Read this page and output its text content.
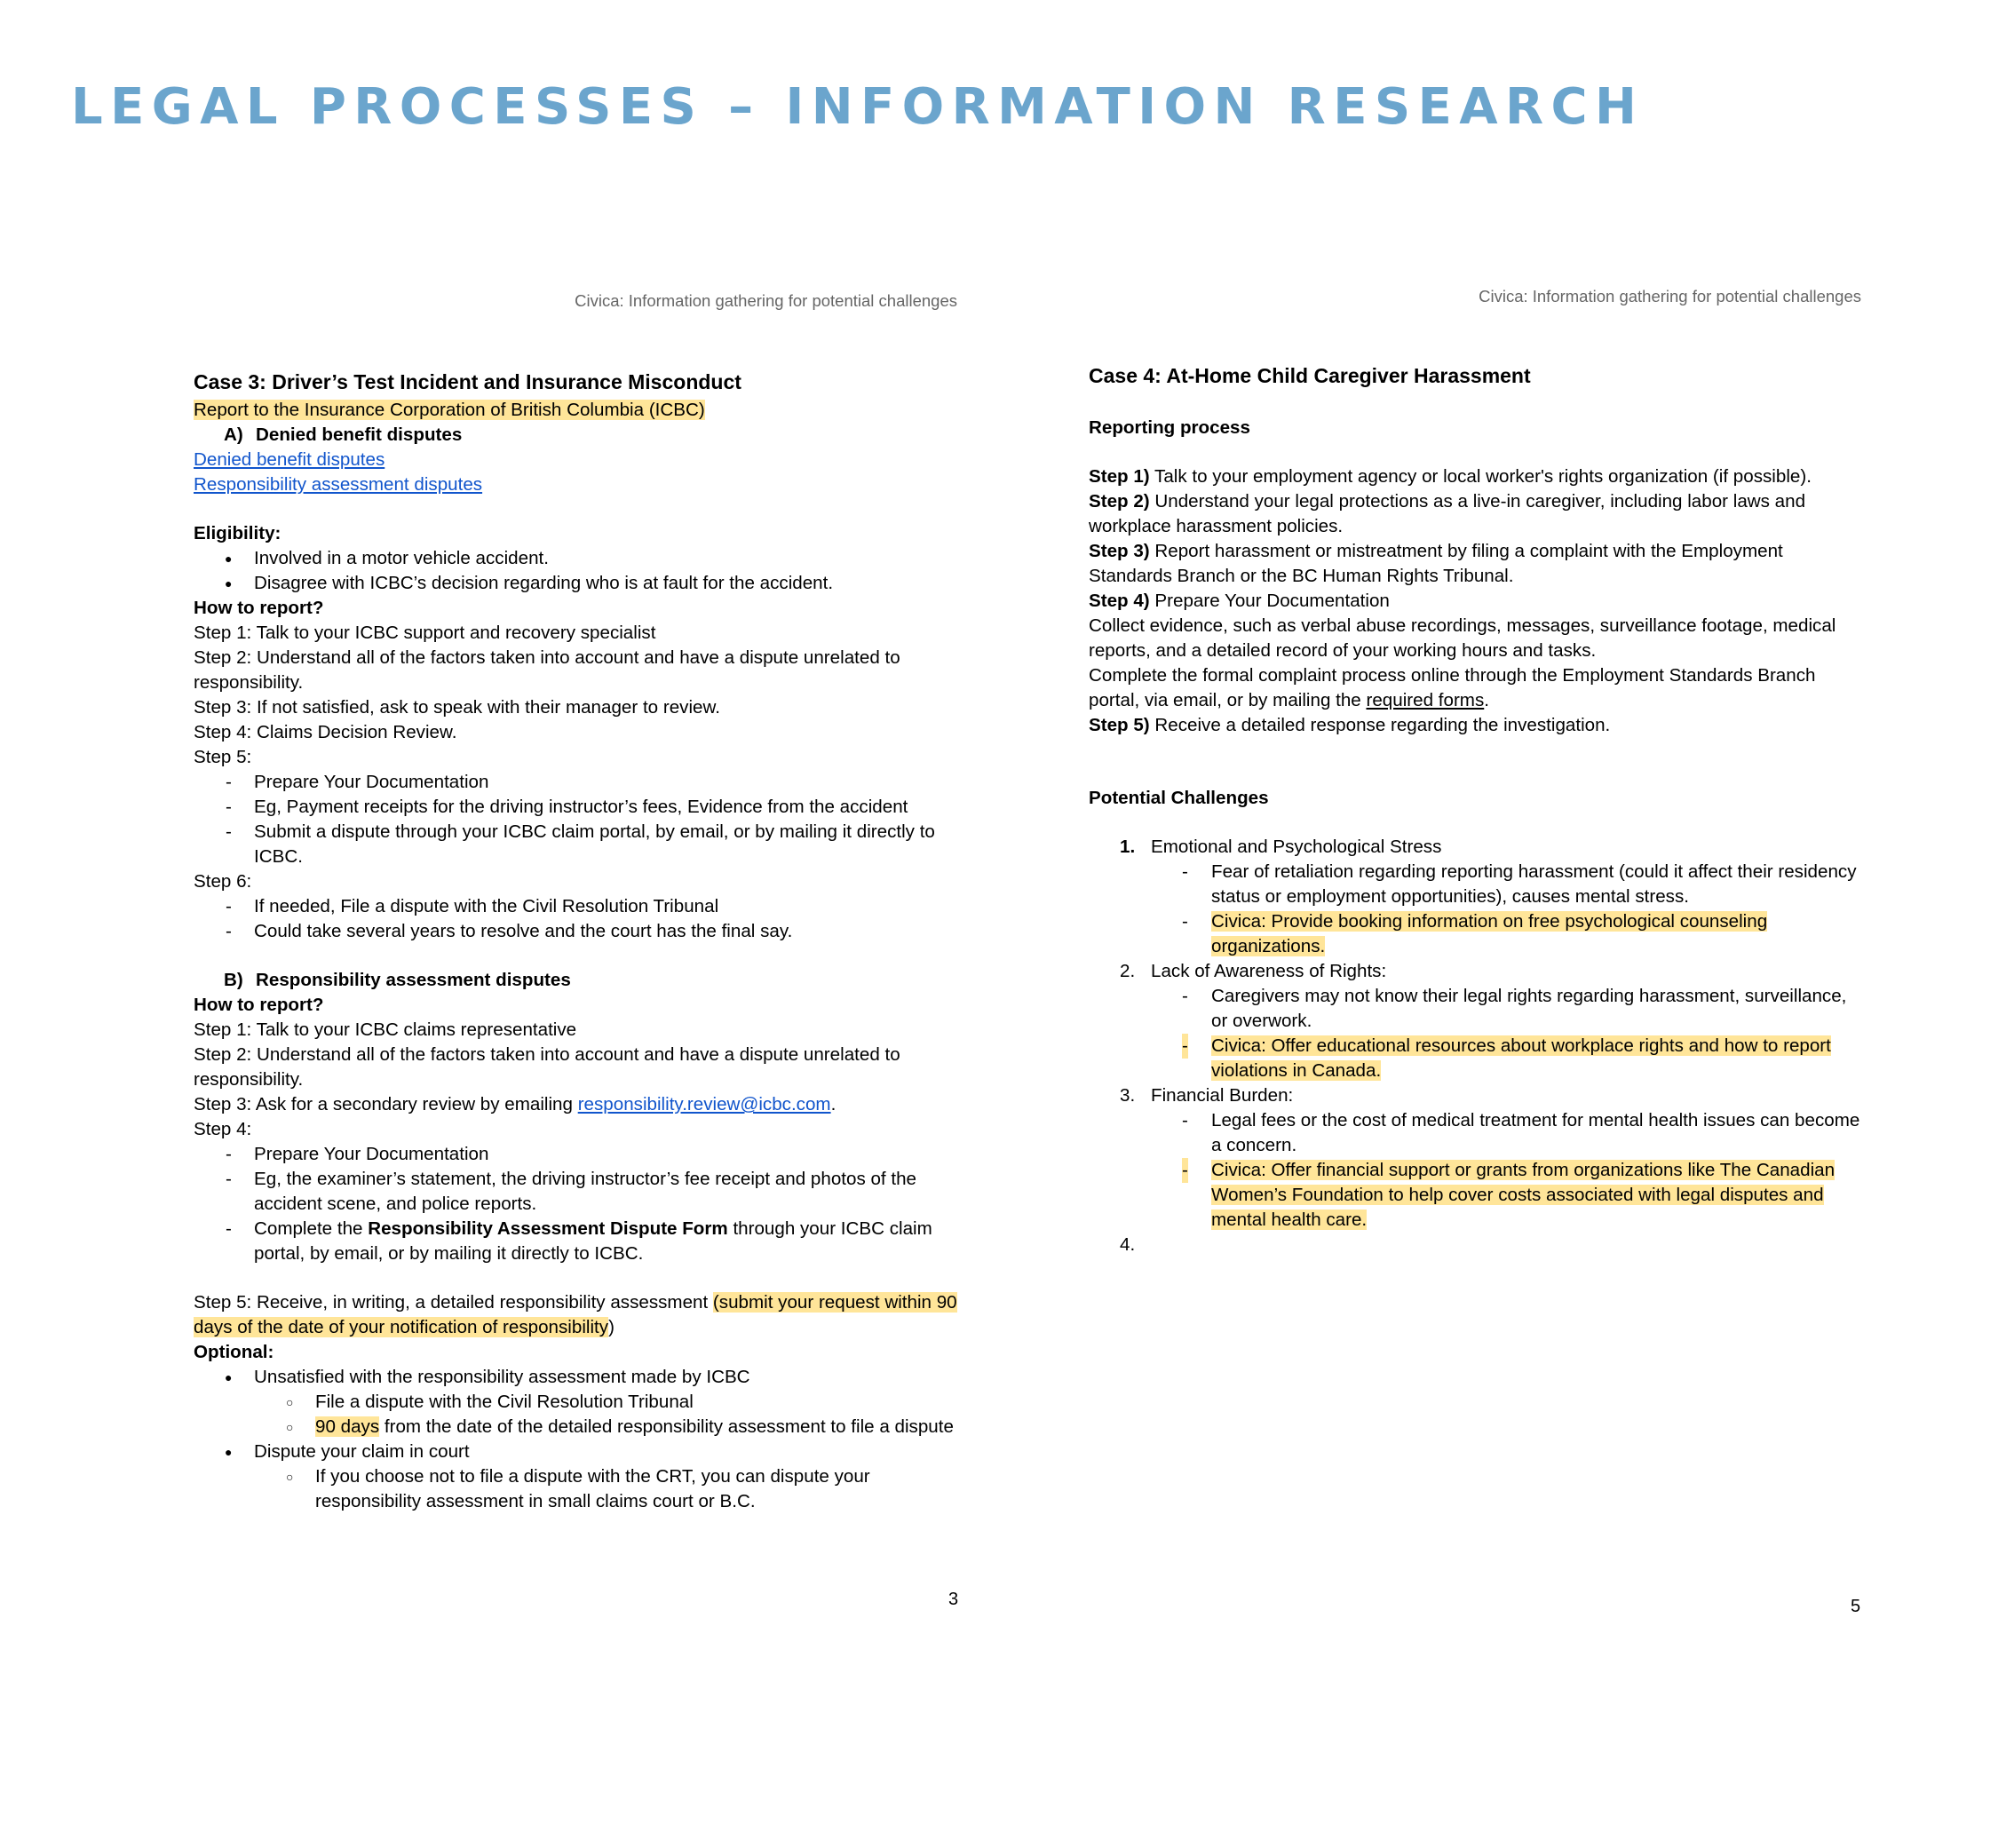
LEGAL PROCESSES – INFORMATION RESEARCH
Civica: Information gathering for potential challenges
Case 3: Driver’s Test Incident and Insurance Misconduct
Report to the Insurance Corporation of British Columbia (ICBC)
A) Denied benefit disputes
Denied benefit disputes
Responsibility assessment disputes
Eligibility:
● Involved in a motor vehicle accident.
● Disagree with ICBC’s decision regarding who is at fault for the accident.
How to report?
Step 1: Talk to your ICBC support and recovery specialist
Step 2: Understand all of the factors taken into account and have a dispute unrelated to responsibility.
Step 3: If not satisfied, ask to speak with their manager to review.
Step 4: Claims Decision Review.
Step 5:
- Prepare Your Documentation
- Eg, Payment receipts for the driving instructor’s fees, Evidence from the accident
- Submit a dispute through your ICBC claim portal, by email, or by mailing it directly to ICBC.
Step 6:
- If needed, File a dispute with the Civil Resolution Tribunal
- Could take several years to resolve and the court has the final say.
B) Responsibility assessment disputes
How to report?
Step 1: Talk to your ICBC claims representative
Step 2: Understand all of the factors taken into account and have a dispute unrelated to responsibility.
Step 3: Ask for a secondary review by emailing responsibility.review@icbc.com.
Step 4:
- Prepare Your Documentation
- Eg, the examiner’s statement, the driving instructor’s fee receipt and photos of the accident scene, and police reports.
- Complete the Responsibility Assessment Dispute Form through your ICBC claim portal, by email, or by mailing it directly to ICBC.
Step 5: Receive, in writing, a detailed responsibility assessment (submit your request within 90 days of the date of your notification of responsibility)
Optional:
● Unsatisfied with the responsibility assessment made by ICBC
○ File a dispute with the Civil Resolution Tribunal
○ 90 days from the date of the detailed responsibility assessment to file a dispute
● Dispute your claim in court
○ If you choose not to file a dispute with the CRT, you can dispute your responsibility assessment in small claims court or B.C.
3
Civica: Information gathering for potential challenges
Case 4: At-Home Child Caregiver Harassment
Reporting process
Step 1) Talk to your employment agency or local worker's rights organization (if possible).
Step 2) Understand your legal protections as a live-in caregiver, including labor laws and workplace harassment policies.
Step 3) Report harassment or mistreatment by filing a complaint with the Employment Standards Branch or the BC Human Rights Tribunal.
Step 4) Prepare Your Documentation
Collect evidence, such as verbal abuse recordings, messages, surveillance footage, medical reports, and a detailed record of your working hours and tasks.
Complete the formal complaint process online through the Employment Standards Branch portal, via email, or by mailing the required forms.
Step 5) Receive a detailed response regarding the investigation.
Potential Challenges
1. Emotional and Psychological Stress
- Fear of retaliation regarding reporting harassment (could it affect their residency status or employment opportunities), causes mental stress.
- Civica: Provide booking information on free psychological counseling organizations.
2. Lack of Awareness of Rights:
- Caregivers may not know their legal rights regarding harassment, surveillance, or overwork.
- Civica: Offer educational resources about workplace rights and how to report violations in Canada.
3. Financial Burden:
- Legal fees or the cost of medical treatment for mental health issues can become a concern.
- Civica: Offer financial support or grants from organizations like The Canadian Women’s Foundation to help cover costs associated with legal disputes and mental health care.
4.
5
